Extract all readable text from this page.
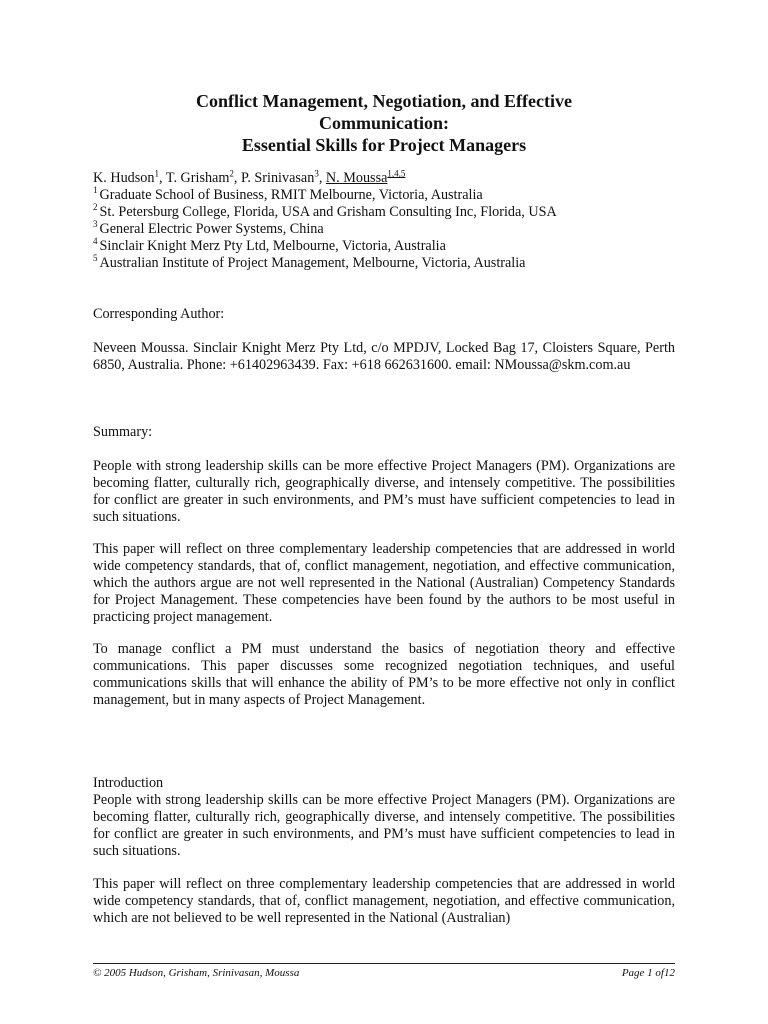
Conflict Management, Negotiation, and Effective
Communication:
Essential Skills for Project Managers
K. Hudson$^1$, T. Grisham$^2$, P. Srinivasan$^3$, N. Moussa$^{1,4,5}$
$^1$ Graduate School of Business, RMIT Melbourne, Victoria, Australia
$^2$ St. Petersburg College, Florida, USA and Grisham Consulting Inc, Florida, USA
$^3$ General Electric Power Systems, China
$^4$ Sinclair Knight Merz Pty Ltd, Melbourne, Victoria, Australia
$^5$ Australian Institute of Project Management, Melbourne, Victoria, Australia
Corresponding Author:
Neveen Moussa. Sinclair Knight Merz Pty Ltd, c/o MPDJV, Locked Bag 17, Cloisters Square, Perth 6850, Australia. Phone: +61402963439. Fax: +618 662631600. email: NMoussa@skm.com.au
Summary:
People with strong leadership skills can be more effective Project Managers (PM). Organizations are becoming flatter, culturally rich, geographically diverse, and intensely competitive. The possibilities for conflict are greater in such environments, and PM’s must have sufficient competencies to lead in such situations.
This paper will reflect on three complementary leadership competencies that are addressed in world wide competency standards, that of, conflict management, negotiation, and effective communication, which the authors argue are not well represented in the National (Australian) Competency Standards for Project Management. These competencies have been found by the authors to be most useful in practicing project management.
To manage conflict a PM must understand the basics of negotiation theory and effective communications. This paper discusses some recognized negotiation techniques, and useful communications skills that will enhance the ability of PM’s to be more effective not only in conflict management, but in many aspects of Project Management.
Introduction
People with strong leadership skills can be more effective Project Managers (PM). Organizations are becoming flatter, culturally rich, geographically diverse, and intensely competitive. The possibilities for conflict are greater in such environments, and PM’s must have sufficient competencies to lead in such situations.
This paper will reflect on three complementary leadership competencies that are addressed in world wide competency standards, that of, conflict management, negotiation, and effective communication, which are not believed to be well represented in the National (Australian)
© 2005 Hudson, Grisham, Srinivasan, Moussa	Page 1 of12
